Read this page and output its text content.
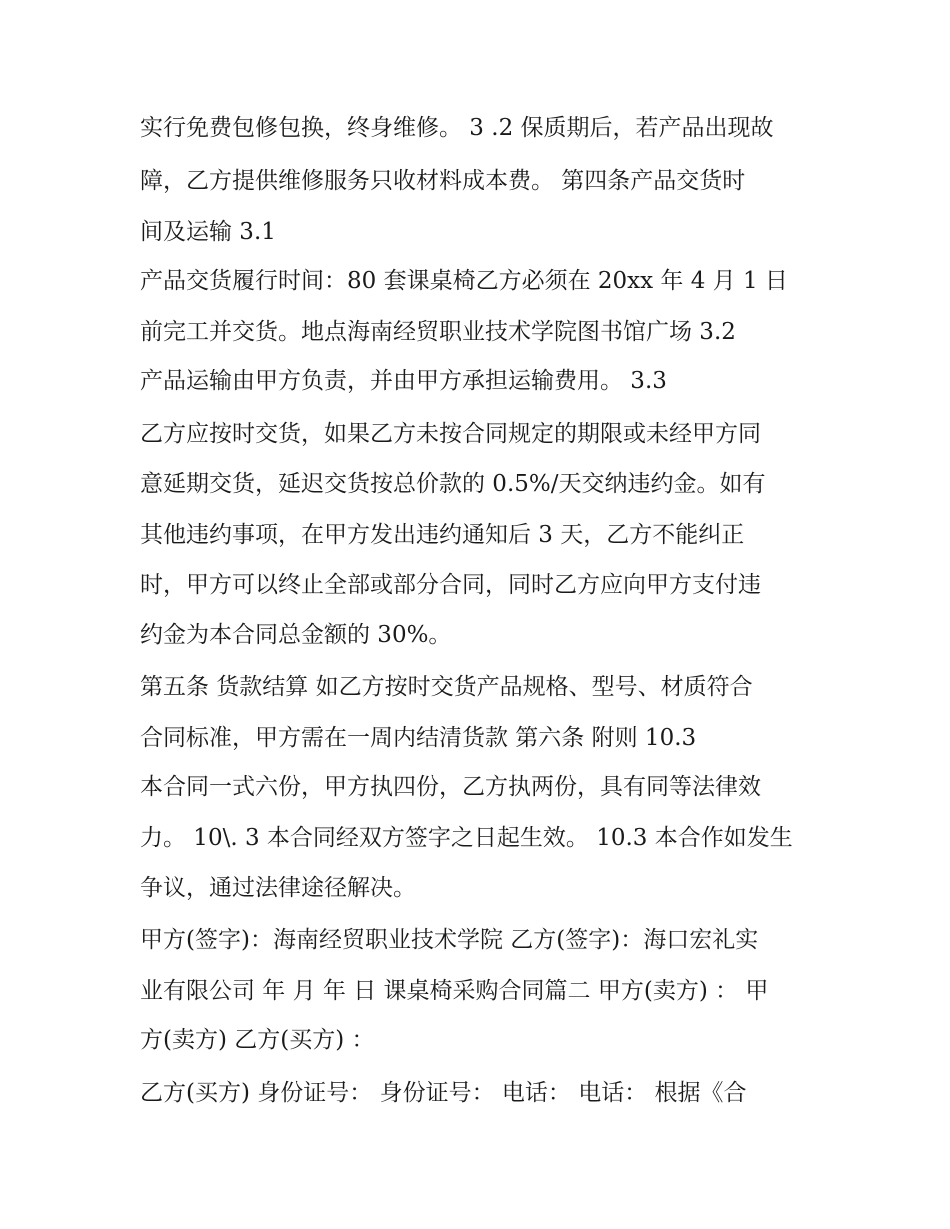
实行免费包修包换，终身维修。 3 .2 保质期后，若产品出现故
障，乙方提供维修服务只收材料成本费。 第四条产品交货时
间及运输 3.1
产品交货履行时间：80 套课桌椅乙方必须在 20xx 年 4 月 1 日
前完工并交货。地点海南经贸职业技术学院图书馆广场 3.2
产品运输由甲方负责，并由甲方承担运输费用。 3.3
乙方应按时交货，如果乙方未按合同规定的期限或未经甲方同
意延期交货，延迟交货按总价款的 0.5%/天交纳违约金。如有
其他违约事项，在甲方发出违约通知后 3 天，乙方不能纠正
时，甲方可以终止全部或部分合同，同时乙方应向甲方支付违
约金为本合同总金额的 30%。
第五条 货款结算 如乙方按时交货产品规格、型号、材质符合
合同标准，甲方需在一周内结清货款 第六条 附则 10.3
本合同一式六份，甲方执四份，乙方执两份，具有同等法律效
力。 10\. 3 本合同经双方签字之日起生效。 10.3 本合作如发生
争议，通过法律途径解决。
甲方(签字)：海南经贸职业技术学院 乙方(签字)：海口宏礼实
业有限公司 年 月 年 日 课桌椅采购合同篇二 甲方(卖方) ： 甲
方(卖方) 乙方(买方) ：
乙方(买方) 身份证号： 身份证号： 电话： 电话： 根据《合
